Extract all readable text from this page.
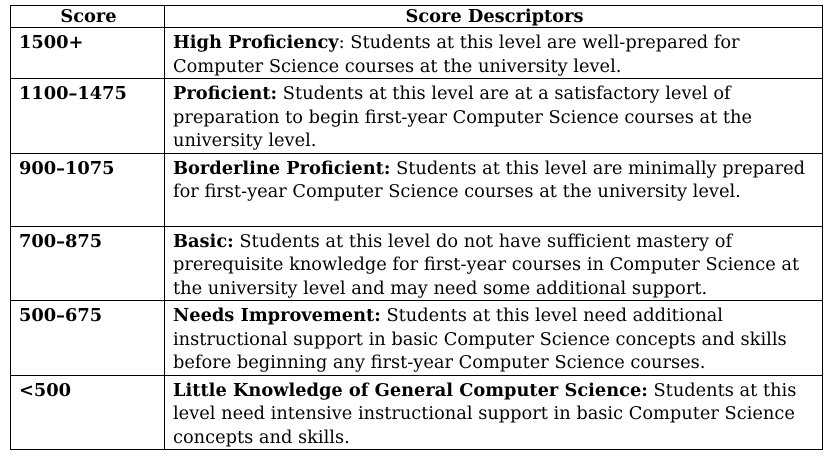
Score	Score Descriptors
1500+	High Proficiency: Students at this level are well-prepared for Computer Science courses at the university level.
1100–1475	Proficient: Students at this level are at a satisfactory level of preparation to begin first-year Computer Science courses at the university level.
900–1075	Borderline Proficient: Students at this level are minimally prepared for first-year Computer Science courses at the university level.
700–875	Basic: Students at this level do not have sufficient mastery of prerequisite knowledge for first-year courses in Computer Science at the university level and may need some additional support.
500–675	Needs Improvement: Students at this level need additional instructional support in basic Computer Science concepts and skills before beginning any first-year Computer Science courses.
<500	Little Knowledge of General Computer Science: Students at this level need intensive instructional support in basic Computer Science concepts and skills.
